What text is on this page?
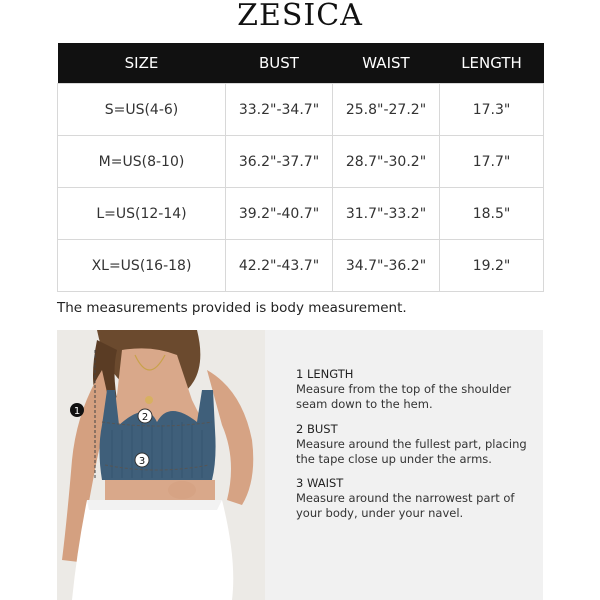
ZESICA
SIZE	BUST	WAIST	LENGTH
S=US(4-6)	33.2"-34.7"	25.8"-27.2"	17.3"
M=US(8-10)	36.2"-37.7"	28.7"-30.2"	17.7"
L=US(12-14)	39.2"-40.7"	31.7"-33.2"	18.5"
XL=US(16-18)	42.2"-43.7"	34.7"-36.2"	19.2"
The measurements provided is body measurement.
1
2
3
1 LENGTH
Measure from the top of the shoulder
seam down to the hem.
2 BUST
Measure around the fullest part, placing
the tape close up under the arms.
3 WAIST
Measure around the narrowest part of
your body, under your navel.
